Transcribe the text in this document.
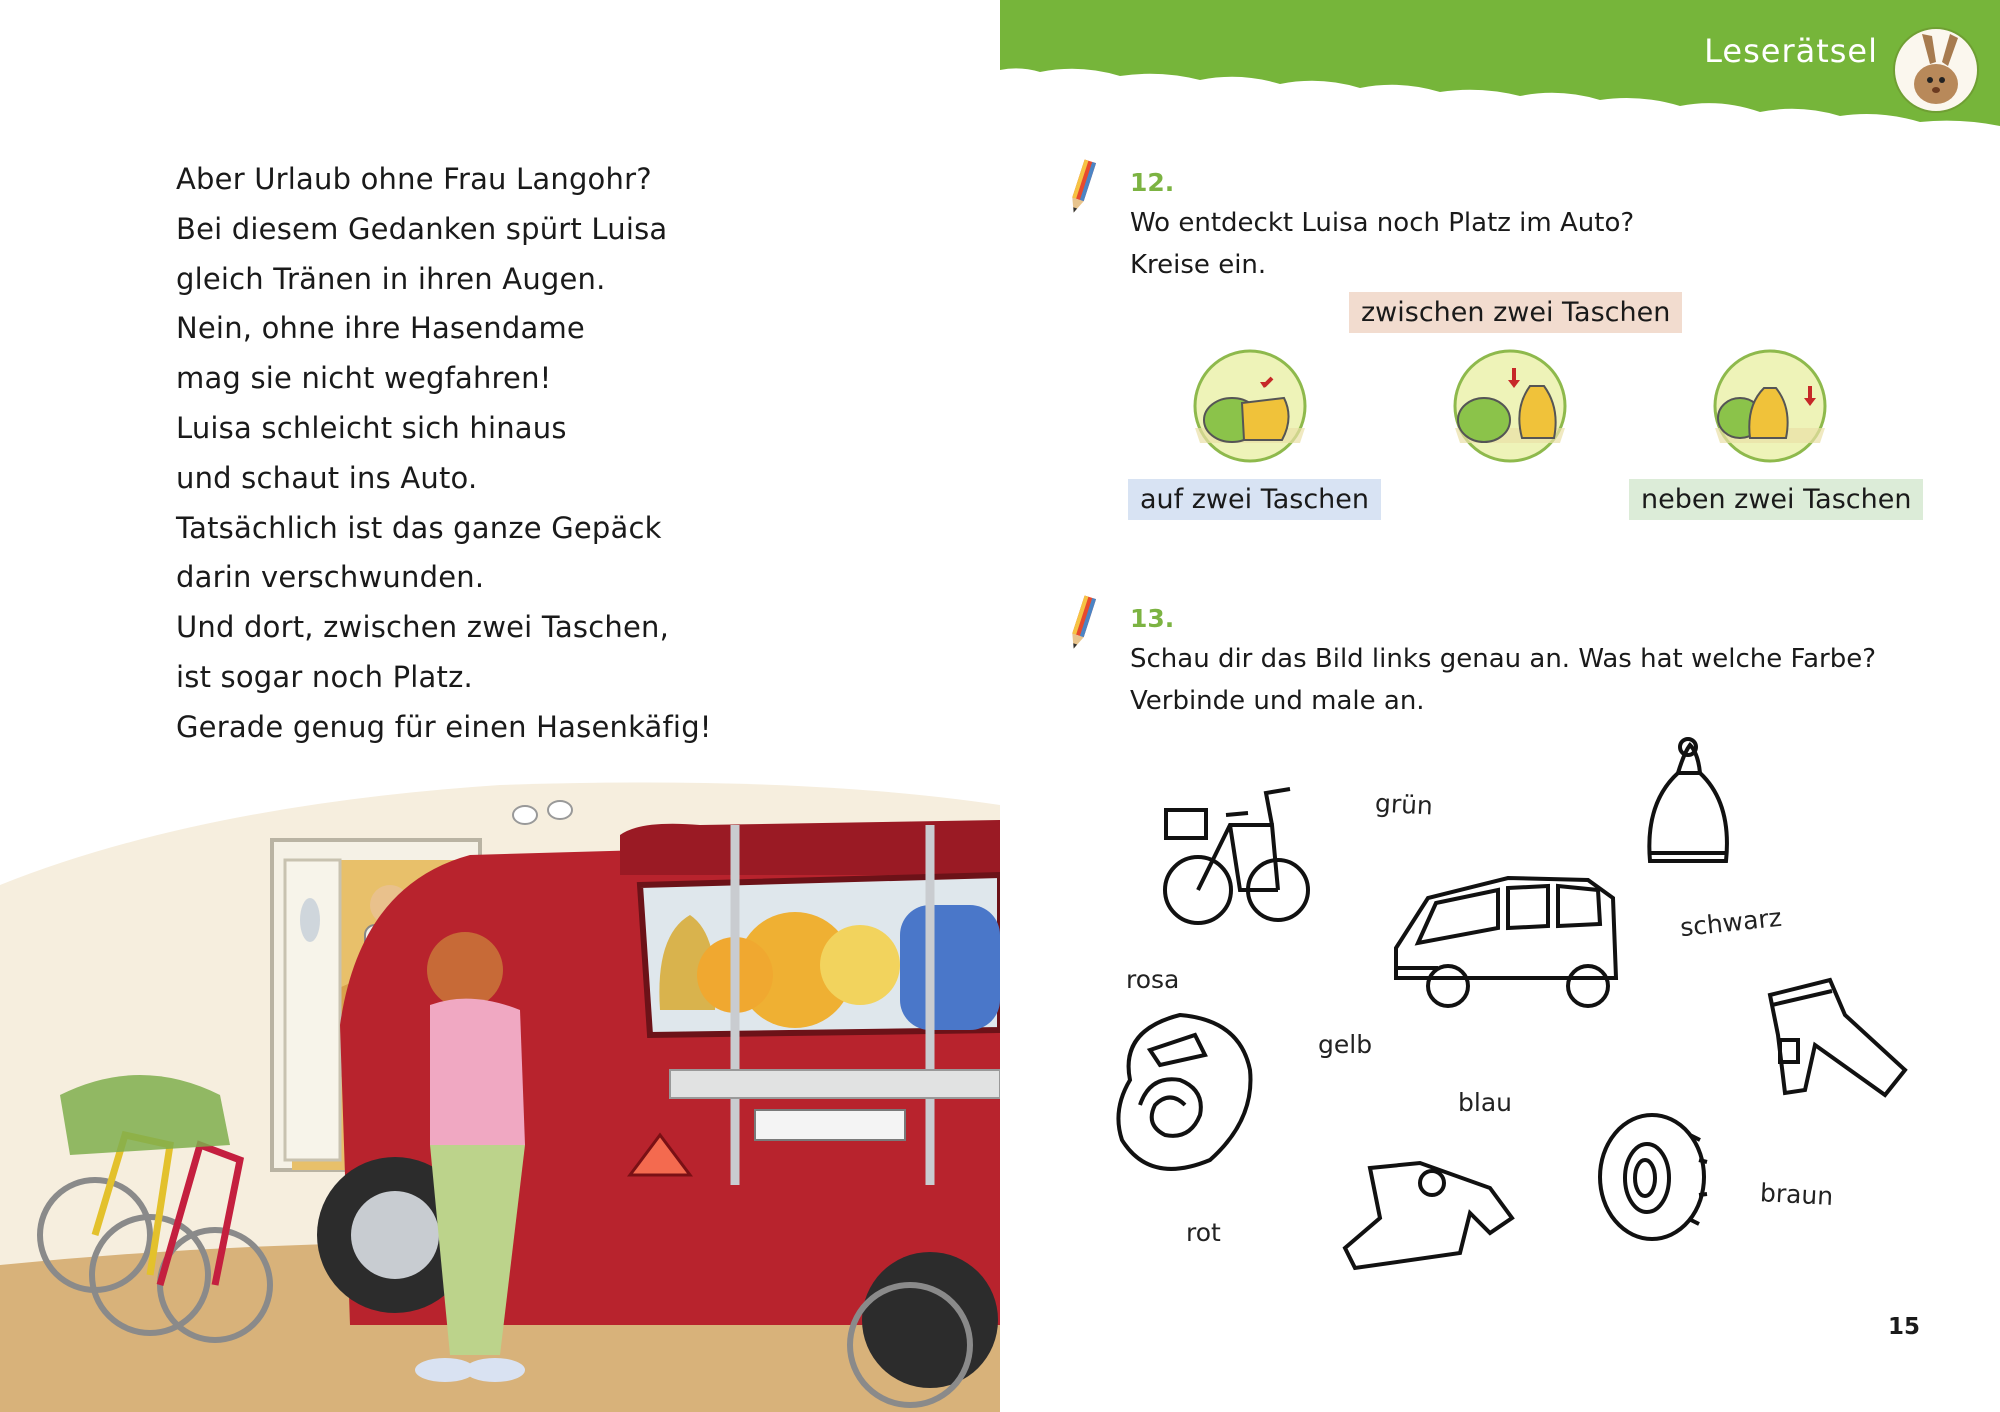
Aber Urlaub ohne Frau Langohr?
Bei diesem Gedanken spürt Luisa
gleich Tränen in ihren Augen.
Nein, ohne ihre Hasendame
mag sie nicht wegfahren!
Luisa schleicht sich hinaus
und schaut ins Auto.
Tatsächlich ist das ganze Gepäck
darin verschwunden.
Und dort, zwischen zwei Taschen,
ist sogar noch Platz.
Gerade genug für einen Hasenkäfig!
Leserätsel
12.
Wo entdeckt Luisa noch Platz im Auto?
Kreise ein.
zwischen zwei Taschen
auf zwei Taschen	neben zwei Taschen
13.
Schau dir das Bild links genau an. Was hat welche Farbe?
Verbinde und male an.
grün
schwarz
rosa
gelb
blau
rot
braun
15
